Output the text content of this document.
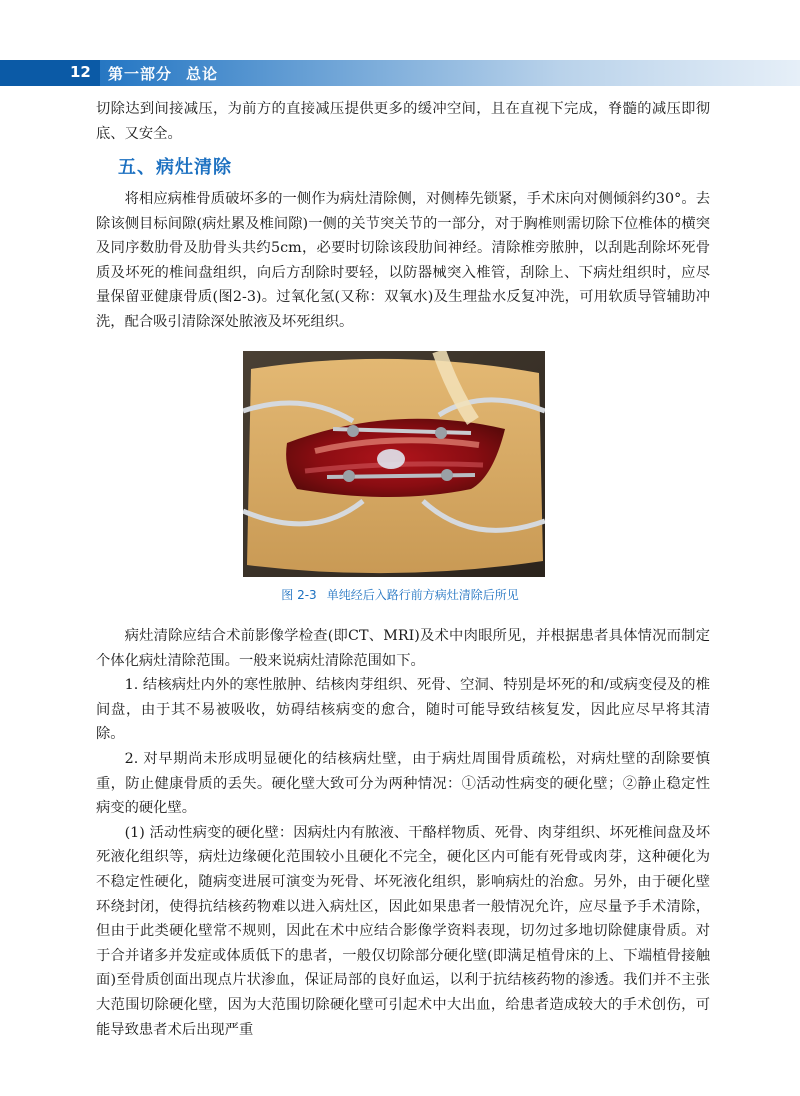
12 第一部分 总论

切除达到间接减压，为前方的直接减压提供更多的缓冲空间，且在直视下完成，脊髓的减压即彻底、又安全。

五、病灶清除

将相应病椎骨质破坏多的一侧作为病灶清除侧，对侧棒先锁紧，手术床向对侧倾斜约30°。去除该侧目标间隙(病灶累及椎间隙)一侧的关节突关节的一部分，对于胸椎则需切除下位椎体的横突及同序数肋骨及肋骨头共约5cm，必要时切除该段肋间神经。清除椎旁脓肿，以刮匙刮除坏死骨质及坏死的椎间盘组织，向后方刮除时要轻，以防器械突入椎管，刮除上、下病灶组织时，应尽量保留亚健康骨质(图2-3)。过氧化氢(又称：双氧水)及生理盐水反复冲洗，可用软质导管辅助冲洗，配合吸引清除深处脓液及坏死组织。

图 2-3 单纯经后入路行前方病灶清除后所见

病灶清除应结合术前影像学检查(即CT、MRI)及术中肉眼所见，并根据患者具体情况而制定个体化病灶清除范围。一般来说病灶清除范围如下。

1. 结核病灶内外的寒性脓肿、结核肉芽组织、死骨、空洞、特别是坏死的和/或病变侵及的椎间盘，由于其不易被吸收，妨碍结核病变的愈合，随时可能导致结核复发，因此应尽早将其清除。

2. 对早期尚未形成明显硬化的结核病灶壁，由于病灶周围骨质疏松，对病灶壁的刮除要慎重，防止健康骨质的丢失。硬化壁大致可分为两种情况：①活动性病变的硬化壁；②静止稳定性病变的硬化壁。

(1) 活动性病变的硬化壁：因病灶内有脓液、干酪样物质、死骨、肉芽组织、坏死椎间盘及坏死液化组织等，病灶边缘硬化范围较小且硬化不完全，硬化区内可能有死骨或肉芽，这种硬化为不稳定性硬化，随病变进展可演变为死骨、坏死液化组织，影响病灶的治愈。另外，由于硬化壁环绕封闭，使得抗结核药物难以进入病灶区，因此如果患者一般情况允许，应尽量予手术清除，但由于此类硬化壁常不规则，因此在术中应结合影像学资料表现，切勿过多地切除健康骨质。对于合并诸多并发症或体质低下的患者，一般仅切除部分硬化壁(即满足植骨床的上、下端植骨接触面)至骨质创面出现点片状渗血，保证局部的良好血运，以利于抗结核药物的渗透。我们并不主张大范围切除硬化壁，因为大范围切除硬化壁可引起术中大出血，给患者造成较大的手术创伤，可能导致患者术后出现严重
